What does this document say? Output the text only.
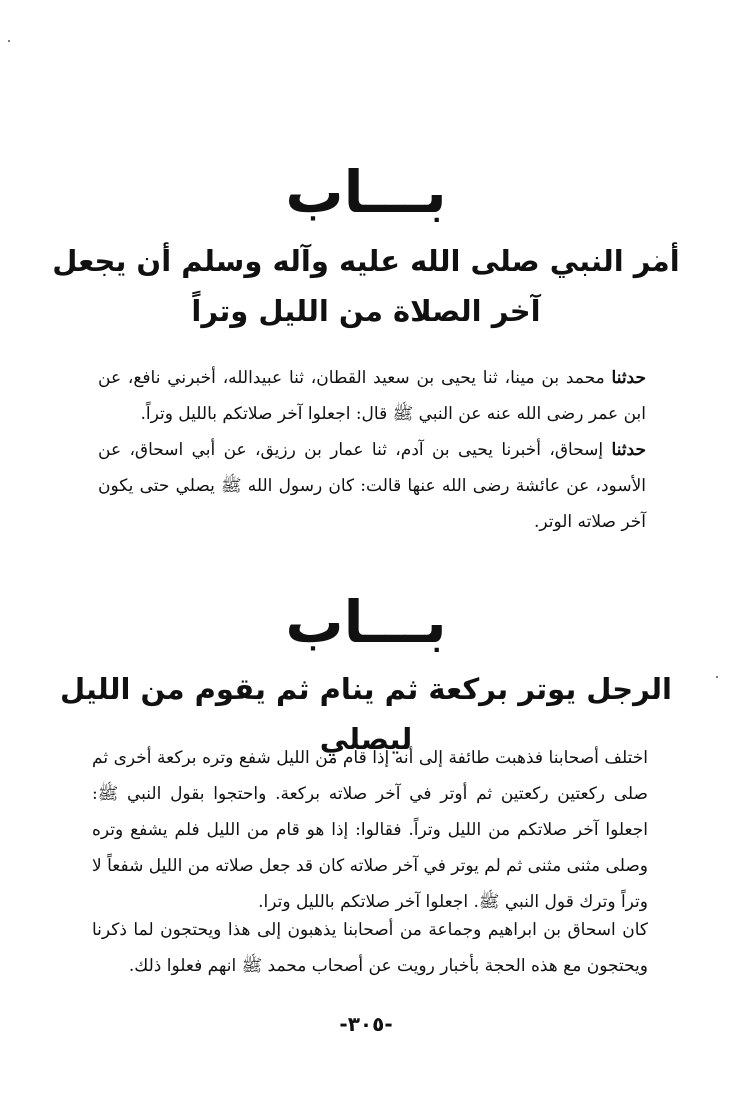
بـــاب
أمر النبي صلى الله عليه وآله وسلم أن يجعل آخر الصلاة من الليل وتراً
حدثنا محمد بن مينا، ثنا يحيى بن سعيد القطان، ثنا عبيدالله، أخبرني نافع، عن ابن عمر رضى الله عنه عن النبي ﷺ قال: اجعلوا آخر صلاتكم بالليل وتراً.
حدثنا إسحاق، أخبرنا يحيى بن آدم، ثنا عمار بن رزيق، عن أبي اسحاق، عن الأسود، عن عائشة رضى الله عنها قالت: كان رسول الله ﷺ يصلي حتى يكون آخر صلاته الوتر.
بـــاب
الرجل يوتر بركعة ثم ينام ثم يقوم من الليل ليصلي
اختلف أصحابنا فذهبت طائفة إلى أنه إذا قام من الليل شفع وتره بركعة أخرى ثم صلى ركعتين ركعتين ثم أوتر في آخر صلاته بركعة. واحتجوا بقول النبي ﷺ: اجعلوا آخر صلاتكم من الليل وتراً. فقالوا: إذا هو قام من الليل فلم يشفع وتره وصلى مثنى مثنى ثم لم يوتر في آخر صلاته كان قد جعل صلاته من الليل شفعاً لا وتراً وترك قول النبي ﷺ. اجعلوا آخر صلاتكم بالليل وترا.
كان اسحاق بن ابراهيم وجماعة من أصحابنا يذهبون إلى هذا ويحتجون لما ذكرنا ويحتجون مع هذه الحجة بأخبار رويت عن أصحاب محمد ﷺ انهم فعلوا ذلك.
-٣٠٥-
